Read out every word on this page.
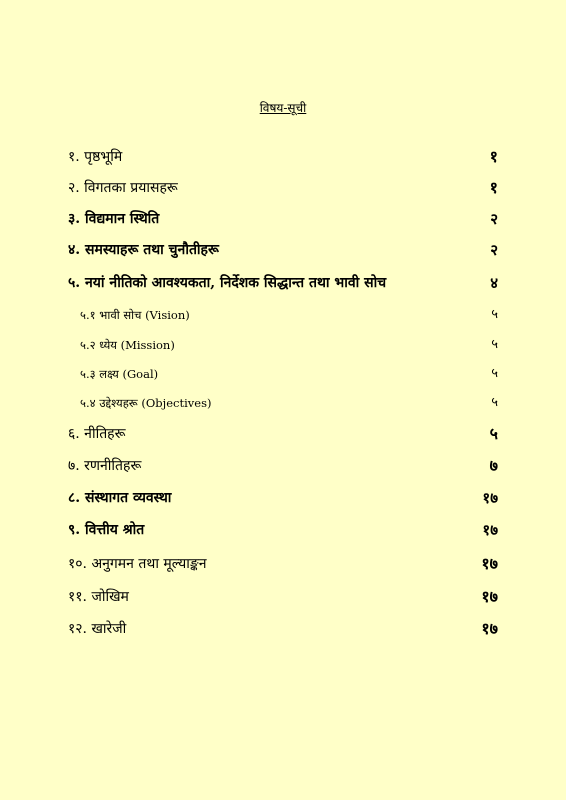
विषय-सूची
१. पृष्ठभूमि	१
२. विगतका प्रयासहरू	१
३. विद्यमान स्थिति	२
४. समस्याहरू तथा चुनौतीहरू	२
५. नयां नीतिको आवश्यकता, निर्देशक सिद्धान्त तथा भावी सोच	४
५.१ भावी सोच (Vision)	५
५.२ ध्येय (Mission)	५
५.३ लक्ष्य (Goal)	५
५.४ उद्देश्यहरू (Objectives)	५
६. नीतिहरू	५
७. रणनीतिहरू	७
८. संस्थागत व्यवस्था	१७
९. वित्तीय श्रोत	१७
१०. अनुगमन तथा मूल्याङ्कन	१७
११. जोखिम	१७
१२. खारेजी	१७
